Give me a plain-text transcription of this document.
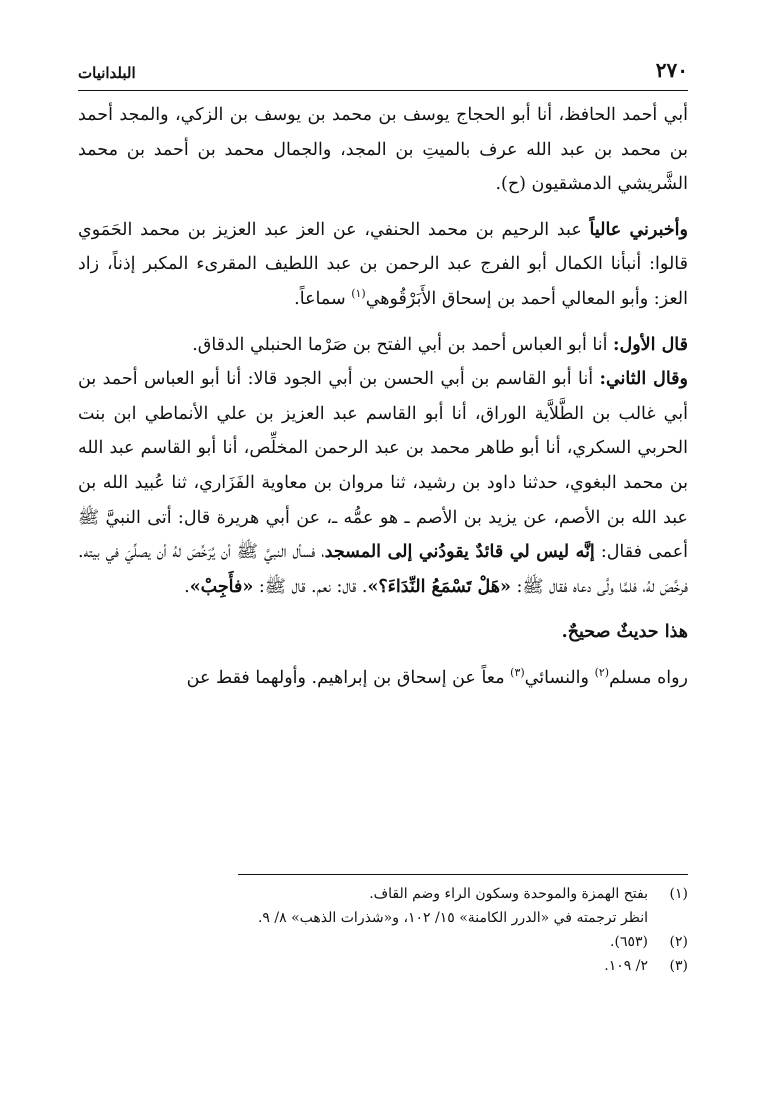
٢٧٠
البلدانيات

أبي أحمد الحافظ، أنا أبو الحجاج يوسف بن محمد بن يوسف بن الزكي، والمجد أحمد بن محمد بن عبد الله عرف بالميتِ بن المجد، والجمال محمد بن أحمد بن محمد الشَّريشي الدمشقيون (ح).

وأخبرني عالياً عبد الرحيم بن محمد الحنفي، عن العز عبد العزيز بن محمد الحَمَوي قالوا: أنبأنا الكمال أبو الفرج عبد الرحمن بن عبد اللطيف المقرىء المكبر إذناً، زاد العز: وأبو المعالي أحمد بن إسحاق الأَبَرْقُوهي$^{(١)}$ سماعاً.

قال الأول: أنا أبو العباس أحمد بن أبي الفتح بن صَرْما الحنبلي الدقاق.

وقال الثاني: أنا أبو القاسم بن أبي الحسن بن أبي الجود قالا: أنا أبو العباس أحمد بن أبي غالب بن الطَّلاَّية الوراق، أنا أبو القاسم عبد العزيز بن علي الأنماطي ابن بنت الحربي السكري، أنا أبو طاهر محمد بن عبد الرحمن المخلِّص، أنا أبو القاسم عبد الله بن محمد البغوي، حدثنا داود بن رشيد، ثنا مروان بن معاوية الفَزَاري، ثنا عُبيد الله بن عبد الله بن الأصم، عن يزيد بن الأصم ـ هو عمُّه ـ، عن أبي هريرة قال: أتى النبيَّ ﷺ أعمى فقال: إنَّه ليس لي قائدٌ يقودُني إلى المسجد، فسأل النبيَّ ﷺ أن يُرَخِّصَ لهُ أن يصلِّيَ في بيته. فرخَّصَ لهُ، فلمَّا ولَّى دعاه فقال ﷺ: «هَلْ تَسْمَعُ النِّدَاءَ؟». قال: نعم. قال ﷺ: «فأَجِبْ».

هذا حديثٌ صحيحٌ.

رواه مسلم$^{(٢)}$ والنسائي$^{(٣)}$ معاً عن إسحاق بن إبراهيم. وأولهما فقط عن

(١)
بفتح الهمزة والموحدة وسكون الراء وضم القاف.
انظر ترجمته في «الدرر الكامنة» ١٥/ ١٠٢، و«شذرات الذهب» ٨/ ٩.
(٢)
(٦٥٣).
(٣)
٢/ ١٠٩.
